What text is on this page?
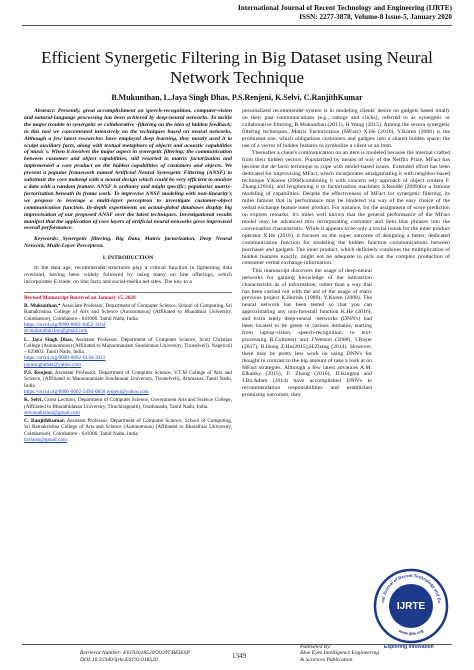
International Journal of Recent Technology and Engineering (IJRTE)
ISSN: 2277-3878, Volume-8 Issue-5, January 2020
Efficient Synergetic Filtering in Big Dataset using Neural Network Technique
B.Mukunthan, L.Jaya Singh Dhas, P.S.Renjeni, K.Selvi, C.RanjithKumar

Abstract: Presently, great accomplishment on speech-recognition, computer-vision and natural-language processing has been achieved by deep-neural networks. To tackle the major trouble in synergetic or collaborative -filtering on the idea of hidden feedback; in this tool we concentrated intensively on the techniques based on neural networks. Although a few latest researches have employed deep learning, they mostly used it to sculpt auxiliary facts, along with textual metaphors of objects and acoustic capabilities of music's. When it involves the major aspect in synergetic filtering; the communication between customer and object capabilities, still resorted to matrix factorization and implemented a core product on the hidden capabilities of customers and objects. We present a popular framework named Artificial Neural Synergetic Filtering (ANSF) to substitute the core makeup with a neural design which could be very efficient to analyze a data with a random feature. ANSF is ordinary and might specific; popularize matrix-factorization beneath its frame work. To improvise ANSF modeling with non-linearity's we propose to leverage a multi-layer perceptron to investigate customer-object communication function. In-depth experiments on actual-global databases display big improvisation of our proposed ANSF over the latest techniques. Investigational results manifest that the application of core layers of artificial neural networks gives improvised overall performance.

Keywords: Synergetic filtering, Big Data, Matrix factorization, Deep Neural Network, Multi-Layer Perceptron.

I. INTRODUCTION

In the data age, recommender-structures play a critical function in lightening data overload, having been widely followed by using many on line offerings, which incorporates E-trade, on line facts and social-media net sites. The key to a

Revised Manuscript Received on January 15, 2020

B. Mukunthan,* Associate Professor, Department of Computer Science, School of Computing, Sri Ramakrishna College of Arts and Science (Autonomous) (Affiliated to Bharathiar University, Coimbatore), Coimbatore - 641006. Tamil Nadu, India.
https://orcid.org/0000-0001-8452-3164
dr.mukunthan.bm@gmail.com

L. Jaya Singh Dhas, Assistant Professor, Department of Computer Science, Scott Christian College (Autonomous) (Affiliated to Manonmaniam Sundaranar University, Tirunelveli), Nagercoil – 629003. Tamil Nadu, India.
https://orcid.org/0000-0002-0136-3941
jayasinghdhas@yahoo.com

P.S. Renjeni, Assistant Professor, Department of Computer Science, V.T.M College of Arts and Science, (Affiliated to Manonmaniam Sundaranar University, Tirunelveli), Arumanai, Tamil Nadu, India.
https://orcid.org/0000-0002-5494-0650 renjeni@yahoo.com

K. Selvi, Guest Lecturer, Department of Computer Science, Government Arts and Science College, (Affiliated to Bharathidasan University, Tiruchirappalli), Orathanadu, Tamil Nadu, India.
selvimakizhni@gmail.com

C. RanjithKumar, Assistant Professor, Department of Computer Science, School of Computing, Sri Ramakrishna College of Arts and Science (Autonomous) (Affiliated to Bharathiar University, Coimbatore), Coimbatore - 641006. Tamil Nadu, India.
ttcrsnsn@gmail.com

personalized recommender-system is in modeling clients' desire on gadgets based totally on their past communications (e.g., ratings and clicks), referred to as synergetic or collaborative filtering, B.Mukunthan (2011), H.Wang (2015). Among the severa synergetic filtering techniques, Matrix Factorization (MFact) X.He (2016), Y.Koren (2008) is the prominent one, which obligations customers and gadgets into a shared hidden space; the use of a vector of hidden features to symbolize a client or an item.

Thereafter a client's communication on an item is modeled because the internal crafted from their hidden vectors. Popularized by means of way of the Netflix Prize, MFact has become the de-facto technique to cope with model-based issues. Extended effort has been dedicated for improvising MFact, which incorporates amalgamating it with neighbor-based technique Y.Koren (2008)combining it with concern rely approach of object content F. Zhang.(2016), and lengthening it to factorization machines S.Rendle (2009)for a famous modeling of capabilities. Despite the effectiveness of MFact for synergetic filtering, its miles famous that its performance may be hindered via way of the easy choice of the verbal exchange feature inner product. For instance, for the assignment of score prediction on express remarks, it's miles well known that the general performance of the MFact model may be advanced thru incorporating customer and item bias phrases into the conversation characteristic. While it appears to be only a trivial tweak for the inner product operator X.He (2016), it focuses on the super outcome of designing a better, dedicated communication function for modeling the hidden function communications between purchaser and gadgets. The inner product, which definitely combines the multiplication of hidden features exactly, might not be adequate to pick out the complex production of consumer verbal exchange information.

This manuscript discovers the usage of deep-neural networks for gaining knowledge of the interaction characteristic as of information, rather than a way that has been carried out with the aid of the usage of many previous project K.Hornik (1989), Y.Koren (2008). The neural network has been tested so that you can approximating any non-forestall function K.He (2016), and extra lately deep-neural -networks (DNN's) had been located to be green in various domains, starting from laptop-vision, speech-recognition, to text-processing R.Collobert and J.Weston (2008), I.Bayer (2017), R.Hong Z.Hu(2015),H.Zhang (2014). However, there may be pretty less work on using DNN's for thought in contrast to the big amount of take a look at on MFact strategies. Although a few latest advances A.M. Elkahky (2015), F. Zhang (2016), D.Kingma and J.Ba.Adam (2014) have accomplished DNN's to recommendation responsibilities and established promising outcomes, they

nal Journal of Recent Technology and En
IJRTE
www.ijrte.org
Exploring Innovation
Retrieval Number: E6193018520/2020©BEIESP
DOI:10.35940/ijrte.E6193.018520
1349
Published By:
Blue Eyes Intelligence Engineering
& Sciences Publication
